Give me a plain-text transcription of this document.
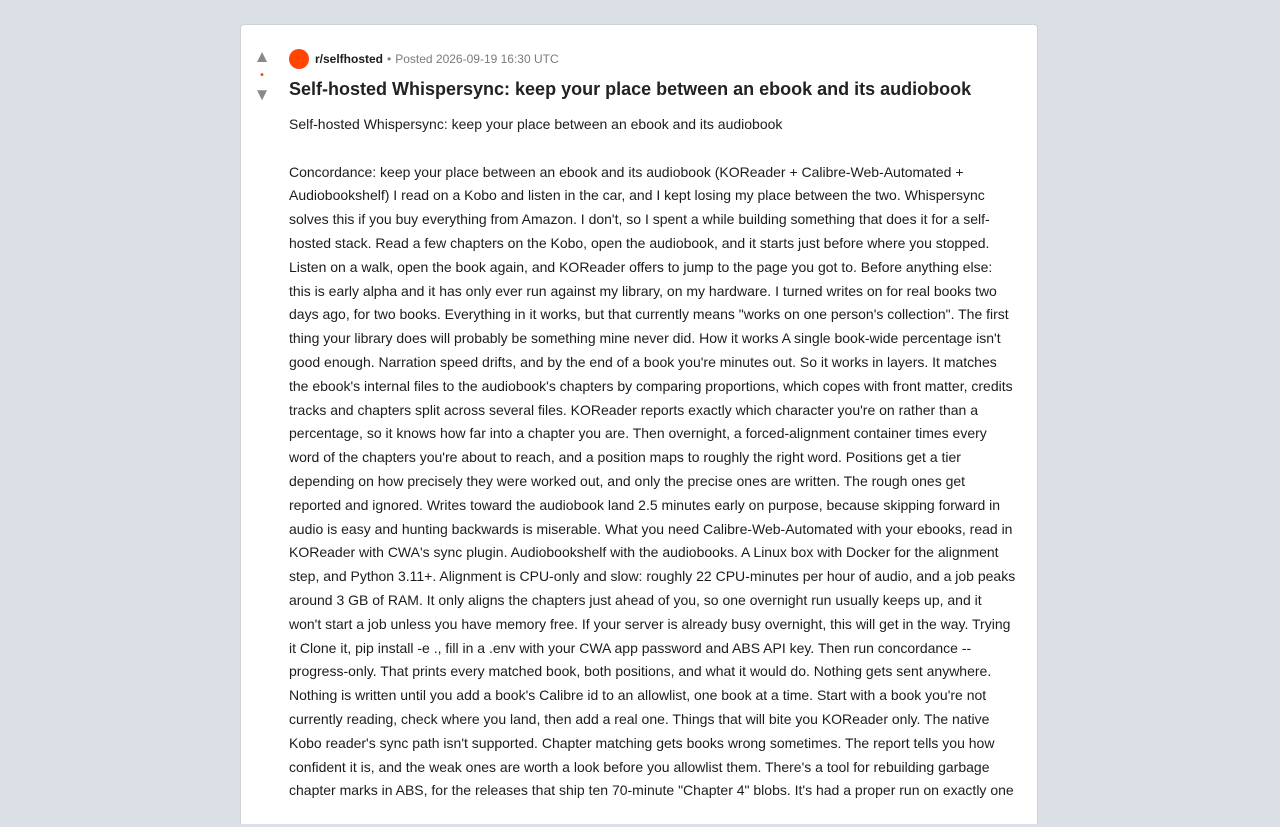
▲
•
▼
r/selfhosted • Posted 2026-09-19 16:30 UTC
Self-hosted Whispersync: keep your place between an ebook and its audiobook

Self-hosted Whispersync: keep your place between an ebook and its audiobook

Concordance: keep your place between an ebook and its audiobook (KOReader + Calibre-Web-Automated + Audiobookshelf) I read on a Kobo and listen in the car, and I kept losing my place between the two. Whispersync solves this if you buy everything from Amazon. I don't, so I spent a while building something that does it for a self-hosted stack. Read a few chapters on the Kobo, open the audiobook, and it starts just before where you stopped. Listen on a walk, open the book again, and KOReader offers to jump to the page you got to. Before anything else: this is early alpha and it has only ever run against my library, on my hardware. I turned writes on for real books two days ago, for two books. Everything in it works, but that currently means "works on one person's collection". The first thing your library does will probably be something mine never did. How it works A single book-wide percentage isn't good enough. Narration speed drifts, and by the end of a book you're minutes out. So it works in layers. It matches the ebook's internal files to the audiobook's chapters by comparing proportions, which copes with front matter, credits tracks and chapters split across several files. KOReader reports exactly which character you're on rather than a percentage, so it knows how far into a chapter you are. Then overnight, a forced-alignment container times every word of the chapters you're about to reach, and a position maps to roughly the right word. Positions get a tier depending on how precisely they were worked out, and only the precise ones are written. The rough ones get reported and ignored. Writes toward the audiobook land 2.5 minutes early on purpose, because skipping forward in audio is easy and hunting backwards is miserable. What you need Calibre-Web-Automated with your ebooks, read in KOReader with CWA's sync plugin. Audiobookshelf with the audiobooks. A Linux box with Docker for the alignment step, and Python 3.11+. Alignment is CPU-only and slow: roughly 22 CPU-minutes per hour of audio, and a job peaks around 3 GB of RAM. It only aligns the chapters just ahead of you, so one overnight run usually keeps up, and it won't start a job unless you have memory free. If your server is already busy overnight, this will get in the way. Trying it Clone it, pip install -e ., fill in a .env with your CWA app password and ABS API key. Then run concordance --progress-only. That prints every matched book, both positions, and what it would do. Nothing gets sent anywhere. Nothing is written until you add a book's Calibre id to an allowlist, one book at a time. Start with a book you're not currently reading, check where you land, then add a real one. Things that will bite you KOReader only. The native Kobo reader's sync path isn't supported. Chapter matching gets books wrong sometimes. The report tells you how confident it is, and the weak ones are worth a look before you allowlist them. There's a tool for rebuilding garbage chapter marks in ABS, for the releases that ship ten 70-minute "Chapter 4" blobs. It's had a proper run on exactly one
